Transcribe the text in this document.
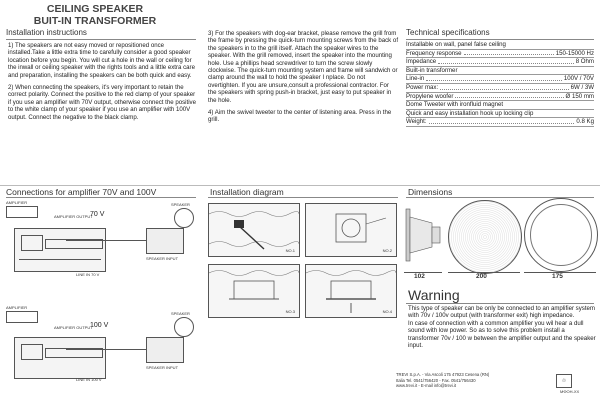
CEILING SPEAKER
BUIT-IN TRANSFORMER
Installation instructions

1) The speakers are not easy moved or repositioned once installed.Take a little extra time to carefully consider a good speaker location before you begin. You will cut a hole in the wall or ceiling for the inwall or ceiling speaker with the rights tools and a little extra care and preparation, installing the speakers can be both quick and easy.

2) When connecting the speakers, it's very important to retain the correct polarity. Connect the positive to the red clamp of your speaker if you use an amplifier with 70V output, otherwise connect the positive to the white clamp of your speaker if you use an amplifier with 100V output. Connect the negative to the black clamp.

3) For the speakers with dog-ear bracket, please remove the grill from the frame by pressing the quick-turn mounting screws from the back of the speakers in to the grill itself. Attach the speaker wires to the speaker. With the grill removed, insert the speaker into the mounting hole. Use a phillips head screwdriver to turn the screw slowly clockwise. The quick-turn mounting system and frame will sandwich or clamp around the wall to hold the speaker I nplace. Do not overtighten. If you are unsure,consult a professional contractor. For the speakers with spring push-in bracket, just easy to put speaker in the hole.

4) Aim the swivel tweeter to the center of listening area. Press in the grill.

Technical specifications
Installable on wall, panel false ceiling
Frequency response	150-15000 Hz
Impedance	8 Ohm
Built-in transformer
Line-in	100V / 70V
Power max:	6W / 3W
Propylene woofer	Ø 150 mm
Dome Tweeter with ironfluid magnet
Quick and easy installation hook up locking clip
Weight:	0.8 Kg
Connections for amplifier 70V and 100V
AMPLIFIER
AMPLIFIER OUTPUT
70 V
SPEAKER
SPEAKER INPUT
LINE IN 70 V
AMPLIFIER
AMPLIFIER OUTPUT
100 V
SPEAKER
SPEAKER INPUT
LINE IN 100 V
Installation diagram
NO.1	NO.2
NO.3	NO.4
Dimensions
102	200	175
Warning

This type of speaker can be only be connected to an amplifier system with 70v / 100v output (with transformer exit) high impedance.

In case of connection with a common amplifier you wil hear a dull sound with low power. So as to solve this problem install a transformer 70v / 100 w between the amplifier output and the speaker input.

TREVI S.p.A. - Via Ascoli 175 47923 Cesena (RN)
Italia Tel. 0541/756420 - Fax. 0541/756430
www.trevi.it - E-mail info@trevi.it
♲
ΜΦΟΗ-ΧΧ
